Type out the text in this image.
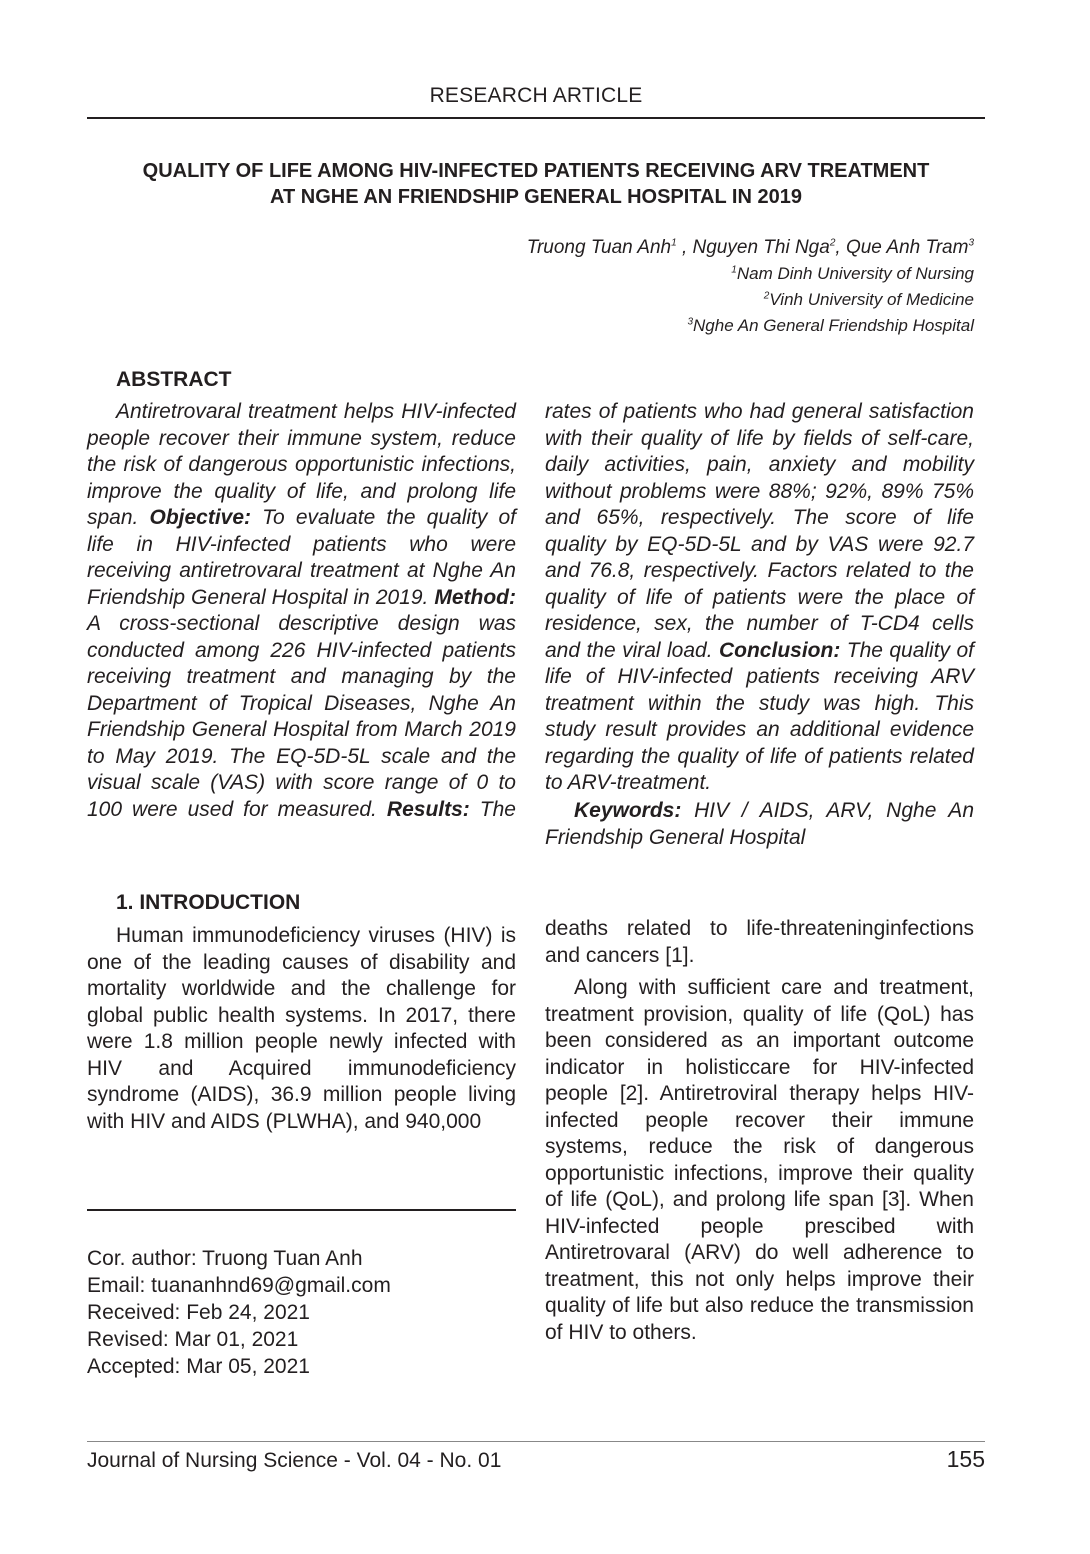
RESEARCH ARTICLE
QUALITY OF LIFE AMONG HIV-INFECTED PATIENTS RECEIVING ARV TREATMENT
AT NGHE AN FRIENDSHIP GENERAL HOSPITAL IN 2019
Truong Tuan Anh$^1$ , Nguyen Thi Nga$^2$, Que Anh Tram$^3$
$^1$Nam Dinh University of Nursing
$^2$Vinh University of Medicine
$^3$Nghe An General Friendship Hospital
ABSTRACT

Antiretrovaral treatment helps HIV-infected people recover their immune system, reduce the risk of dangerous opportunistic infections, improve the quality of life, and prolong life span. Objective: To evaluate the quality of life in HIV-infected patients who were receiving antiretrovaral treatment at Nghe An Friendship General Hospital in 2019. Method: A cross-sectional descriptive design was conducted among 226 HIV-infected patients receiving treatment and managing by the Department of Tropical Diseases, Nghe An Friendship General Hospital from March 2019 to May 2019. The EQ-5D-5L scale and the visual scale (VAS) with score range of 0 to 100 were used for measured. Results: The rates of patients who had general satisfaction with their quality of life by fields of self-care, daily activities, pain, anxiety and mobility without problems were 88%; 92%, 89% 75% and 65%, respectively. The score of life quality by EQ-5D-5L and by VAS were 92.7 and 76.8, respectively. Factors related to the quality of life of patients were the place of residence, sex, the number of T-CD4 cells and the viral load. Conclusion: The quality of life of HIV-infected patients receiving ARV treatment within the study was high. This study result provides an additional evidence regarding the quality of life of patients related to ARV-treatment.

Keywords: HIV / AIDS, ARV, Nghe An Friendship General Hospital
1. INTRODUCTION

Human immunodeficiency viruses (HIV) is one of the leading causes of disability and mortality worldwide and the challenge for global public health systems. In 2017, there were 1.8 million people newly infected with HIV and Acquired immunodeficiency syndrome (AIDS), 36.9 million people living with HIV and AIDS (PLWHA), and 940,000

deaths related to life-threateninginfections and cancers [1].

Along with sufficient care and treatment, treatment provision, quality of life (QoL) has been considered as an important outcome indicator in holisticcare for HIV-infected people [2]. Antiretroviral therapy helps HIV-infected people recover their immune systems, reduce the risk of dangerous opportunistic infections, improve their quality of life (QoL), and prolong life span [3]. When HIV-infected people prescibed with Antiretrovaral (ARV) do well adherence to treatment, this not only helps improve their quality of life but also reduce the transmission of HIV to others.

Cor. author: Truong Tuan Anh
Email: tuananhnd69@gmail.com
Received: Feb 24, 2021
Revised: Mar 01, 2021
Accepted: Mar 05, 2021
Journal of Nursing Science - Vol. 04 - No. 01	155
